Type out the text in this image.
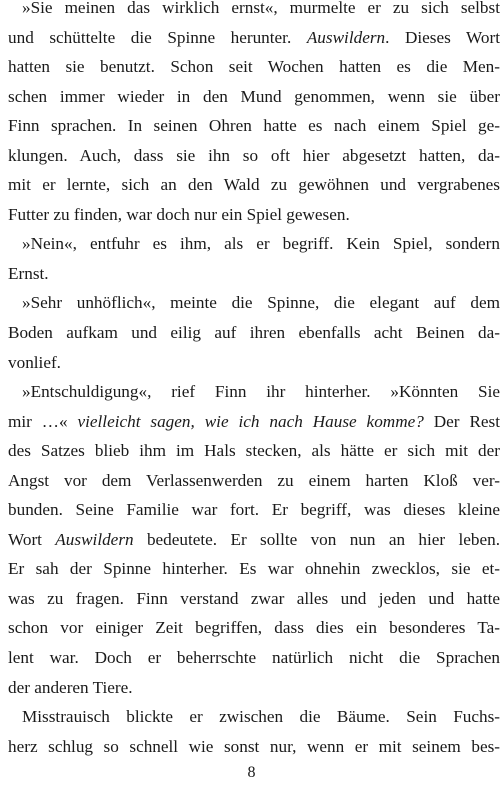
»Sie meinen das wirklich ernst«, murmelte er zu sich selbst
und schüttelte die Spinne herunter. Auswildern. Dieses Wort
hatten sie benutzt. Schon seit Wochen hatten es die Men-
schen immer wieder in den Mund genommen, wenn sie über
Finn sprachen. In seinen Ohren hatte es nach einem Spiel ge-
klungen. Auch, dass sie ihn so oft hier abgesetzt hatten, da-
mit er lernte, sich an den Wald zu gewöhnen und vergrabenes
Futter zu finden, war doch nur ein Spiel gewesen.
»Nein«, entfuhr es ihm, als er begriff. Kein Spiel, sondern
Ernst.
»Sehr unhöflich«, meinte die Spinne, die elegant auf dem
Boden aufkam und eilig auf ihren ebenfalls acht Beinen da-
vonlief.
»Entschuldigung«, rief Finn ihr hinterher. »Könnten Sie
mir …« vielleicht sagen, wie ich nach Hause komme? Der Rest
des Satzes blieb ihm im Hals stecken, als hätte er sich mit der
Angst vor dem Verlassenwerden zu einem harten Kloß ver-
bunden. Seine Familie war fort. Er begriff, was dieses kleine
Wort Auswildern bedeutete. Er sollte von nun an hier leben.
Er sah der Spinne hinterher. Es war ohnehin zwecklos, sie et-
was zu fragen. Finn verstand zwar alles und jeden und hatte
schon vor einiger Zeit begriffen, dass dies ein besonderes Ta-
lent war. Doch er beherrschte natürlich nicht die Sprachen
der anderen Tiere.
Misstrauisch blickte er zwischen die Bäume. Sein Fuchs-
herz schlug so schnell wie sonst nur, wenn er mit seinem bes-
8
